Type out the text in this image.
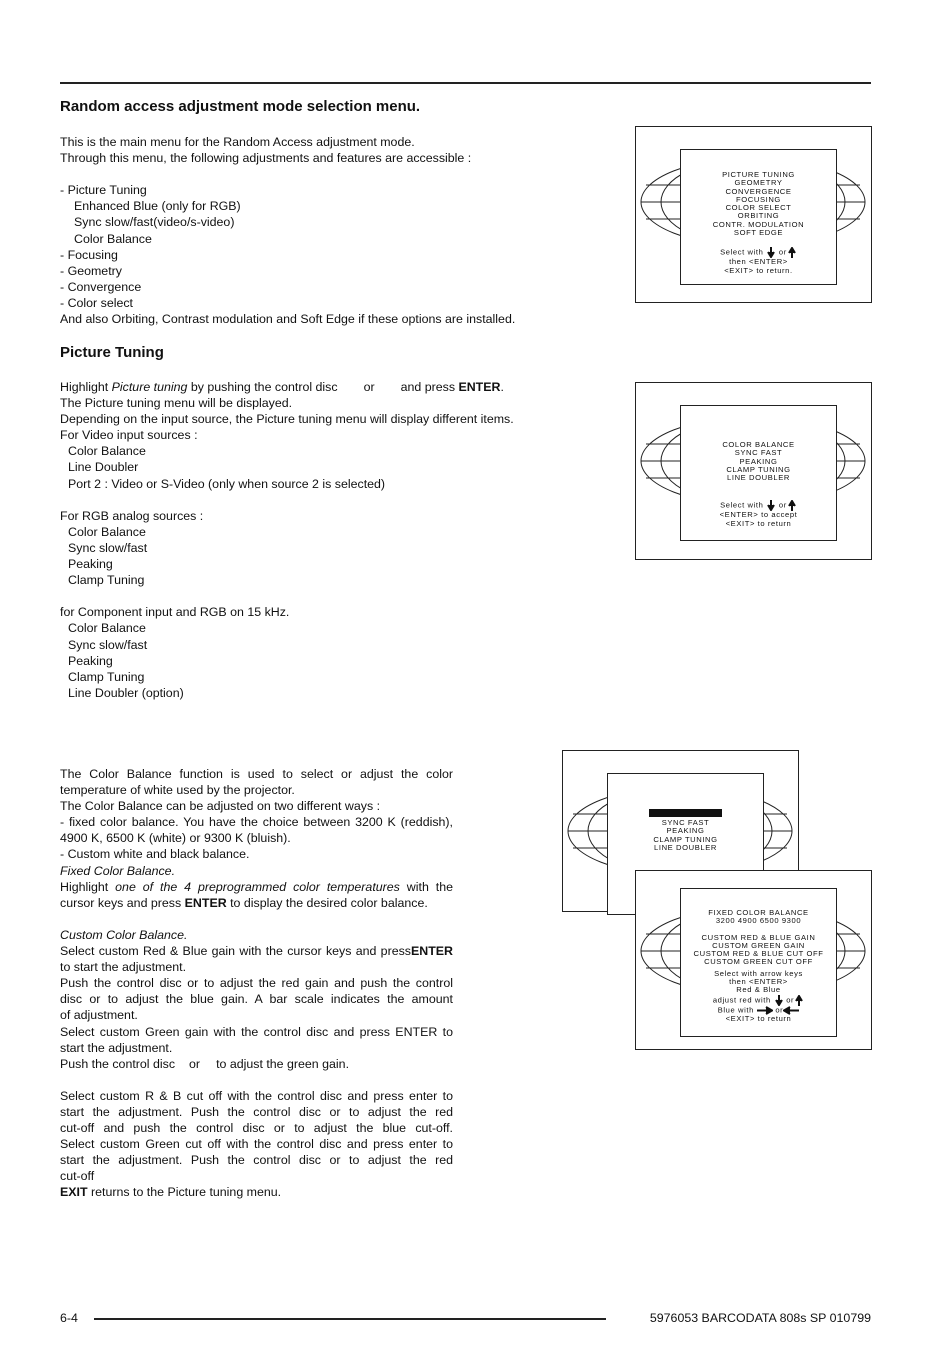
Random access adjustment mode selection menu.
This is the main menu for the Random Access adjustment mode.
Through this menu, the following adjustments and features are accessible :
- Picture Tuning
Enhanced Blue (only for RGB)
Sync slow/fast(video/s-video)
Color Balance
- Focusing
- Geometry
- Convergence
- Color select
And also Orbiting, Contrast modulation and Soft Edge if these options are installed.
Picture Tuning
Highlight Picture tuning by pushing the control disc or and press ENTER.
The Picture tuning menu will be displayed.
Depending on the input source, the Picture tuning menu will display different items.
For Video input sources :
Color Balance
Line Doubler
Port 2 : Video or S-Video (only when source 2 is selected)
For RGB analog sources :
Color Balance
Sync slow/fast
Peaking
Clamp Tuning
for Component input and RGB on 15 kHz.
Color Balance
Sync slow/fast
Peaking
Clamp Tuning
Line Doubler (option)
The Color Balance function is used to select or adjust the color
temperature of white used by the projector.
The Color Balance can be adjusted on two different ways :
- fixed color balance. You have the choice between 3200 K (reddish),
4900 K, 6500 K (white) or 9300 K (bluish).
- Custom white and black balance.
Fixed Color Balance.
Highlight one of the 4 preprogrammed color temperatures with the
cursor keys and press ENTER to display the desired color balance.
Custom Color Balance.
Select custom Red & Blue gain with the cursor keys and pressENTER
to start the adjustment.
Push the control disc or to adjust the red gain and push the control
disc or to adjust the blue gain. A bar scale indicates the amount
of adjustment.
Select custom Green gain with the control disc and press ENTER to
start the adjustment.
Push the control disc or to adjust the green gain.
Select custom R & B cut off with the control disc and press enter to
start the adjustment. Push the control disc or to adjust the red
cut-off and push the control disc or to adjust the blue cut-off.
Select custom Green cut off with the control disc and press enter to
start the adjustment. Push the control disc or to adjust the red
cut-off
EXIT returns to the Picture tuning menu.
PICTURE TUNING
GEOMETRY
CONVERGENCE
FOCUSING
COLOR SELECT
ORBITING
CONTR. MODULATION
SOFT EDGE
Select with or
then <ENTER>
<EXIT> to return.
COLOR BALANCE
SYNC FAST
PEAKING
CLAMP TUNING
LINE DOUBLER
Select with or
<ENTER> to accept
<EXIT> to return
SYNC FAST
PEAKING
CLAMP TUNING
LINE DOUBLER
FIXED COLOR BALANCE
3200 4900 6500 9300
CUSTOM RED & BLUE GAIN
CUSTOM GREEN GAIN
CUSTOM RED & BLUE CUT OFF
CUSTOM GREEN CUT OFF
Select with arrow keys
then <ENTER>
Red & Blue
adjust red with or
Blue with	or
<EXIT> to return
6-4	5976053 BARCODATA 808s SP 010799
